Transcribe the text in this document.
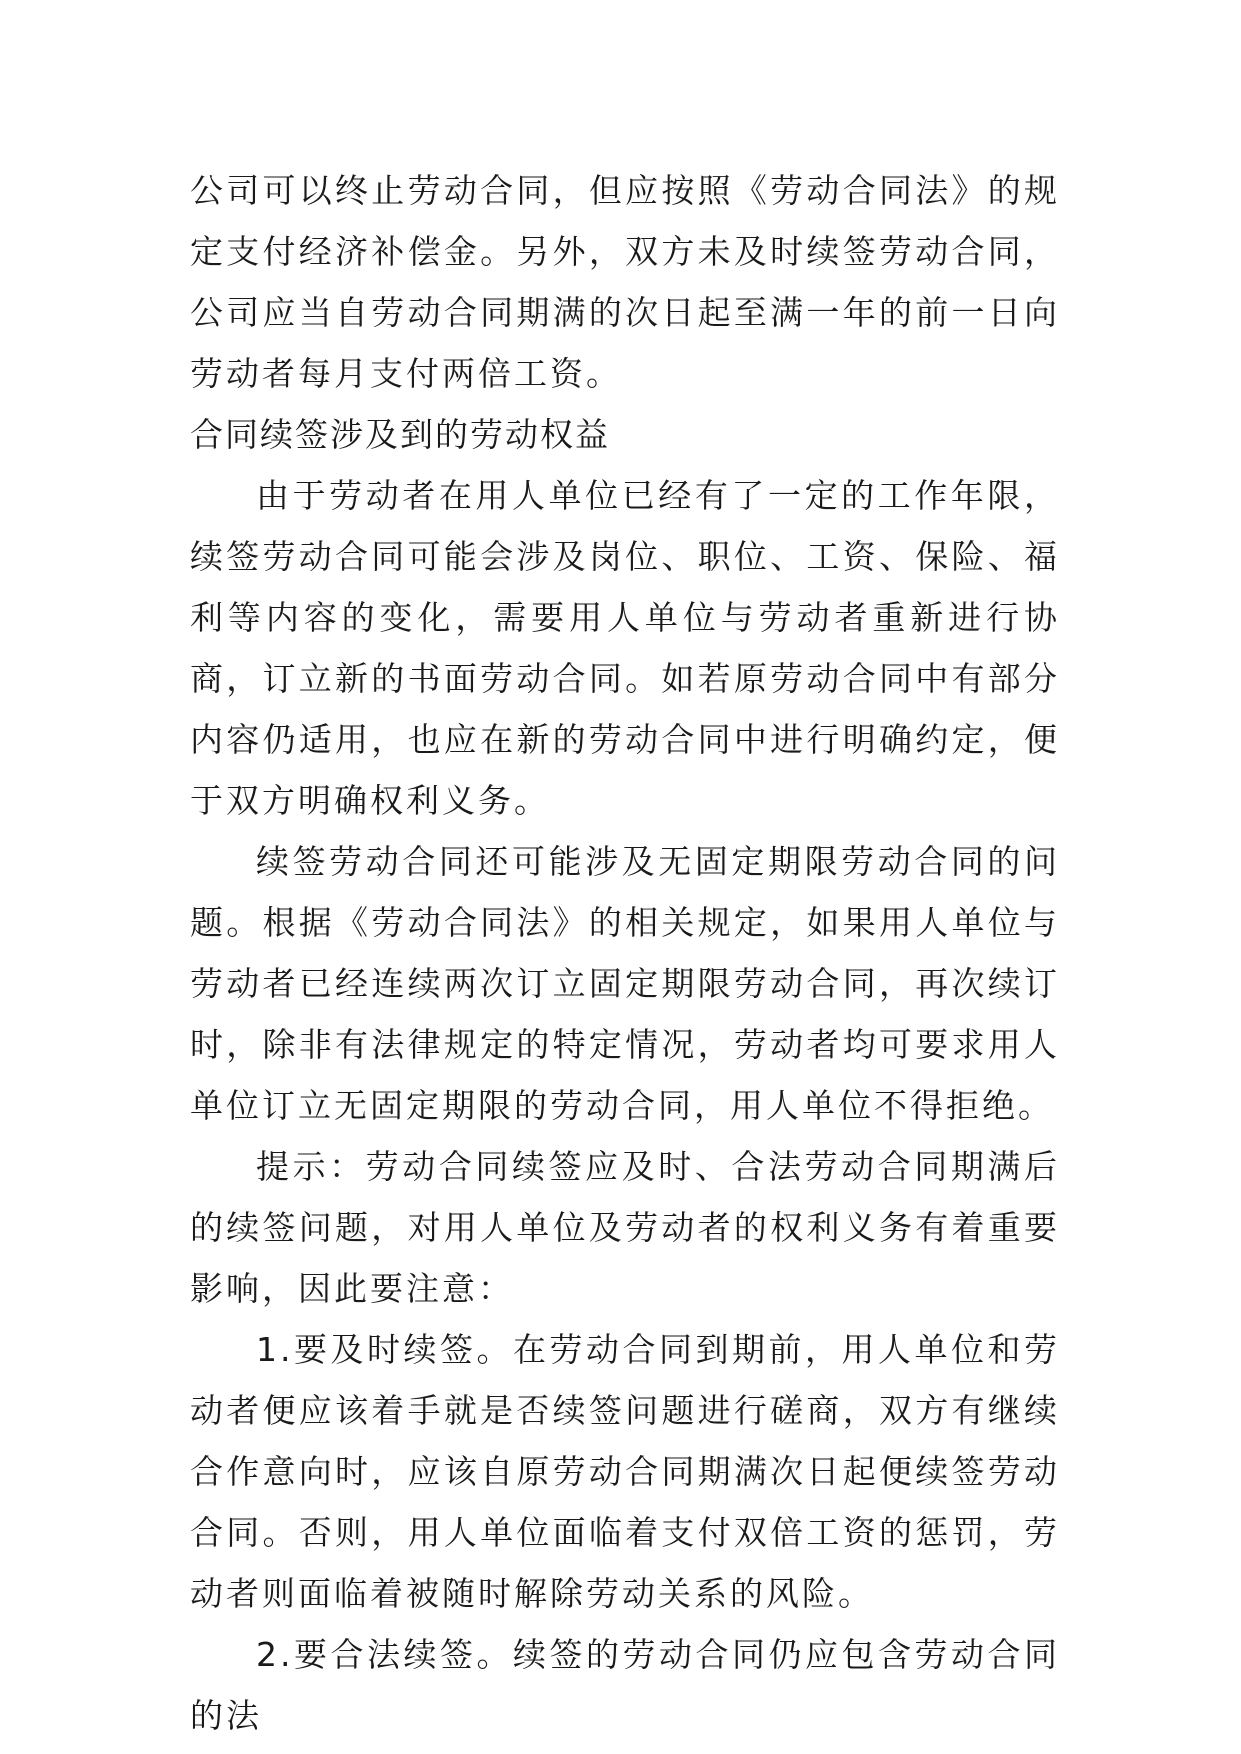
公司可以终止劳动合同，但应按照《劳动合同法》的规定支付经济补偿金。另外，双方未及时续签劳动合同，公司应当自劳动合同期满的次日起至满一年的前一日向劳动者每月支付两倍工资。

合同续签涉及到的劳动权益

由于劳动者在用人单位已经有了一定的工作年限，续签劳动合同可能会涉及岗位、职位、工资、保险、福利等内容的变化，需要用人单位与劳动者重新进行协商，订立新的书面劳动合同。如若原劳动合同中有部分内容仍适用，也应在新的劳动合同中进行明确约定，便于双方明确权利义务。

续签劳动合同还可能涉及无固定期限劳动合同的问题。根据《劳动合同法》的相关规定，如果用人单位与劳动者已经连续两次订立固定期限劳动合同，再次续订时，除非有法律规定的特定情况，劳动者均可要求用人单位订立无固定期限的劳动合同，用人单位不得拒绝。

提示：劳动合同续签应及时、合法劳动合同期满后的续签问题，对用人单位及劳动者的权利义务有着重要影响，因此要注意：

1.要及时续签。在劳动合同到期前，用人单位和劳动者便应该着手就是否续签问题进行磋商，双方有继续合作意向时，应该自原劳动合同期满次日起便续签劳动合同。否则，用人单位面临着支付双倍工资的惩罚，劳动者则面临着被随时解除劳动关系的风险。

2.要合法续签。续签的劳动合同仍应包含劳动合同的法
